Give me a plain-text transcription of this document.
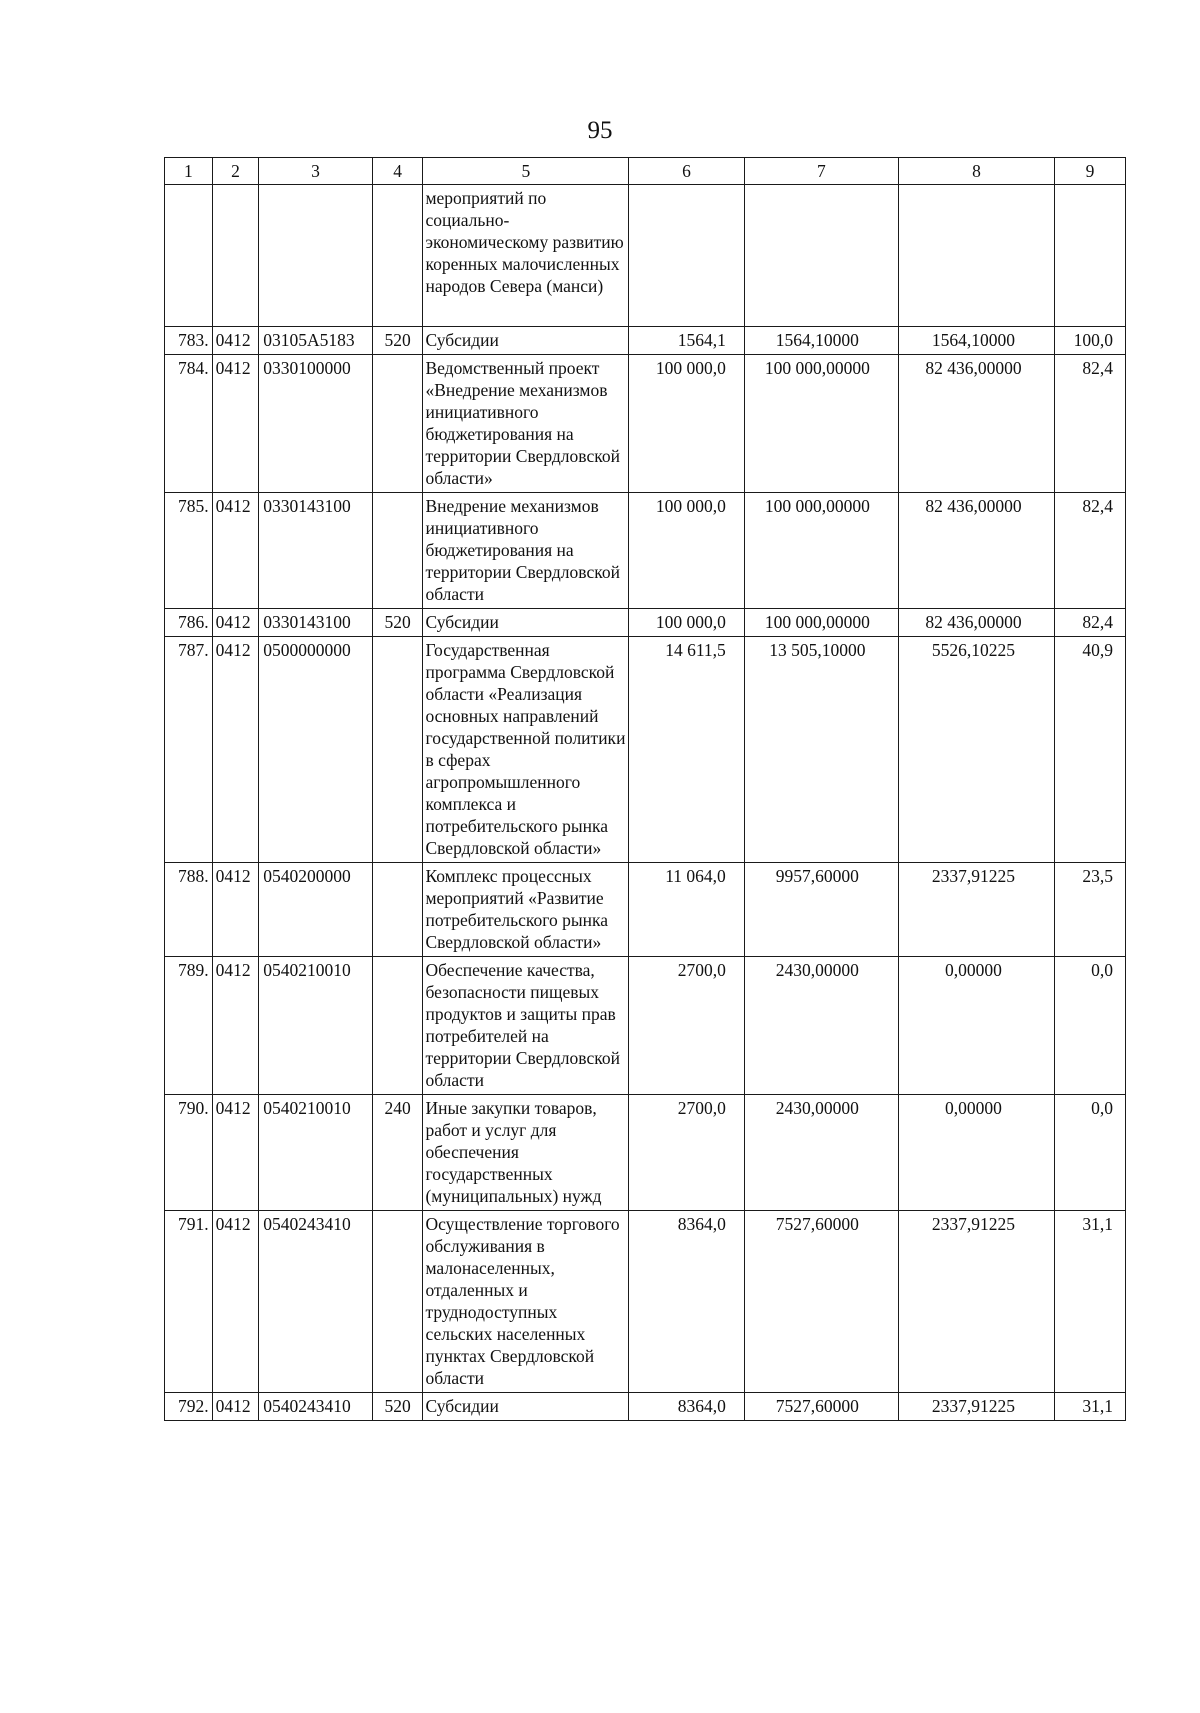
95
1	2	3	4	5	6	7	8	9
				мероприятий по социально-экономическому развитию коренных малочисленных народов Севера (манси)				
783.	0412	03105A5183	520	Субсидии	1564,1	1564,10000	1564,10000	100,0
784.	0412	0330100000		Ведомственный проект «Внедрение механизмов инициативного бюджетирования на территории Свердловской области»	100 000,0	100 000,00000	82 436,00000	82,4
785.	0412	0330143100		Внедрение механизмов инициативного бюджетирования на территории Свердловской области	100 000,0	100 000,00000	82 436,00000	82,4
786.	0412	0330143100	520	Субсидии	100 000,0	100 000,00000	82 436,00000	82,4
787.	0412	0500000000		Государственная программа Свердловской области «Реализация основных направлений государственной политики в сферах агропромышленного комплекса и потребительского рынка Свердловской области»	14 611,5	13 505,10000	5526,10225	40,9
788.	0412	0540200000		Комплекс процессных мероприятий «Развитие потребительского рынка Свердловской области»	11 064,0	9957,60000	2337,91225	23,5
789.	0412	0540210010		Обеспечение качества, безопасности пищевых продуктов и защиты прав потребителей на территории Свердловской области	2700,0	2430,00000	0,00000	0,0
790.	0412	0540210010	240	Иные закупки товаров, работ и услуг для обеспечения государственных (муниципальных) нужд	2700,0	2430,00000	0,00000	0,0
791.	0412	0540243410		Осуществление торгового обслуживания в малонаселенных, отдаленных и труднодоступных сельских населенных пунктах Свердловской области	8364,0	7527,60000	2337,91225	31,1
792.	0412	0540243410	520	Субсидии	8364,0	7527,60000	2337,91225	31,1
